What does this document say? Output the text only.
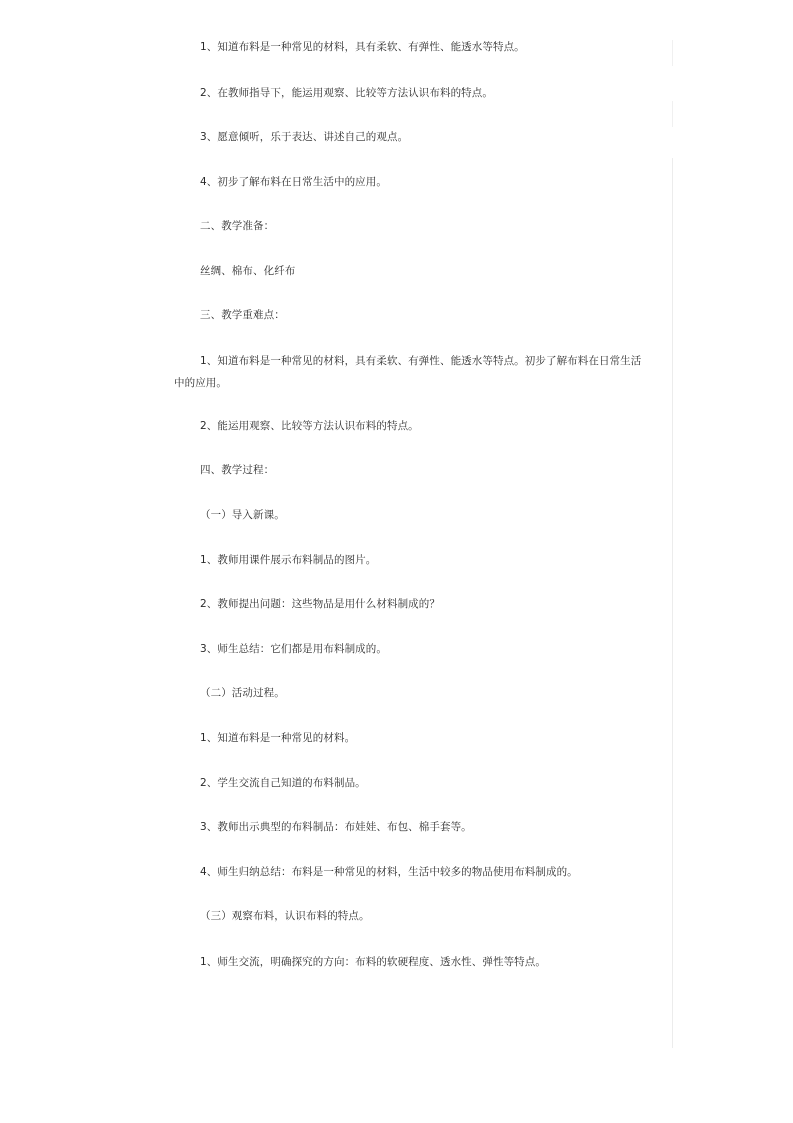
1、知道布料是一种常见的材料，具有柔软、有弹性、能透水等特点。
2、在教师指导下，能运用观察、比较等方法认识布料的特点。
3、愿意倾听，乐于表达、讲述自己的观点。
4、初步了解布料在日常生活中的应用。
二、教学准备：
丝绸、棉布、化纤布
三、教学重难点：
1、知道布料是一种常见的材料，具有柔软、有弹性、能透水等特点。初步了解布料在日常生活中的应用。
2、能运用观察、比较等方法认识布料的特点。
四、教学过程：
（一）导入新课。
1、教师用课件展示布料制品的图片。
2、教师提出问题：这些物品是用什么材料制成的？
3、师生总结：它们都是用布料制成的。
（二）活动过程。
1、知道布料是一种常见的材料。
2、学生交流自己知道的布料制品。
3、教师出示典型的布料制品：布娃娃、布包、棉手套等。
4、师生归纳总结：布料是一种常见的材料，生活中较多的物品使用布料制成的。
（三）观察布料，认识布料的特点。
1、师生交流，明确探究的方向：布料的软硬程度、透水性、弹性等特点。
